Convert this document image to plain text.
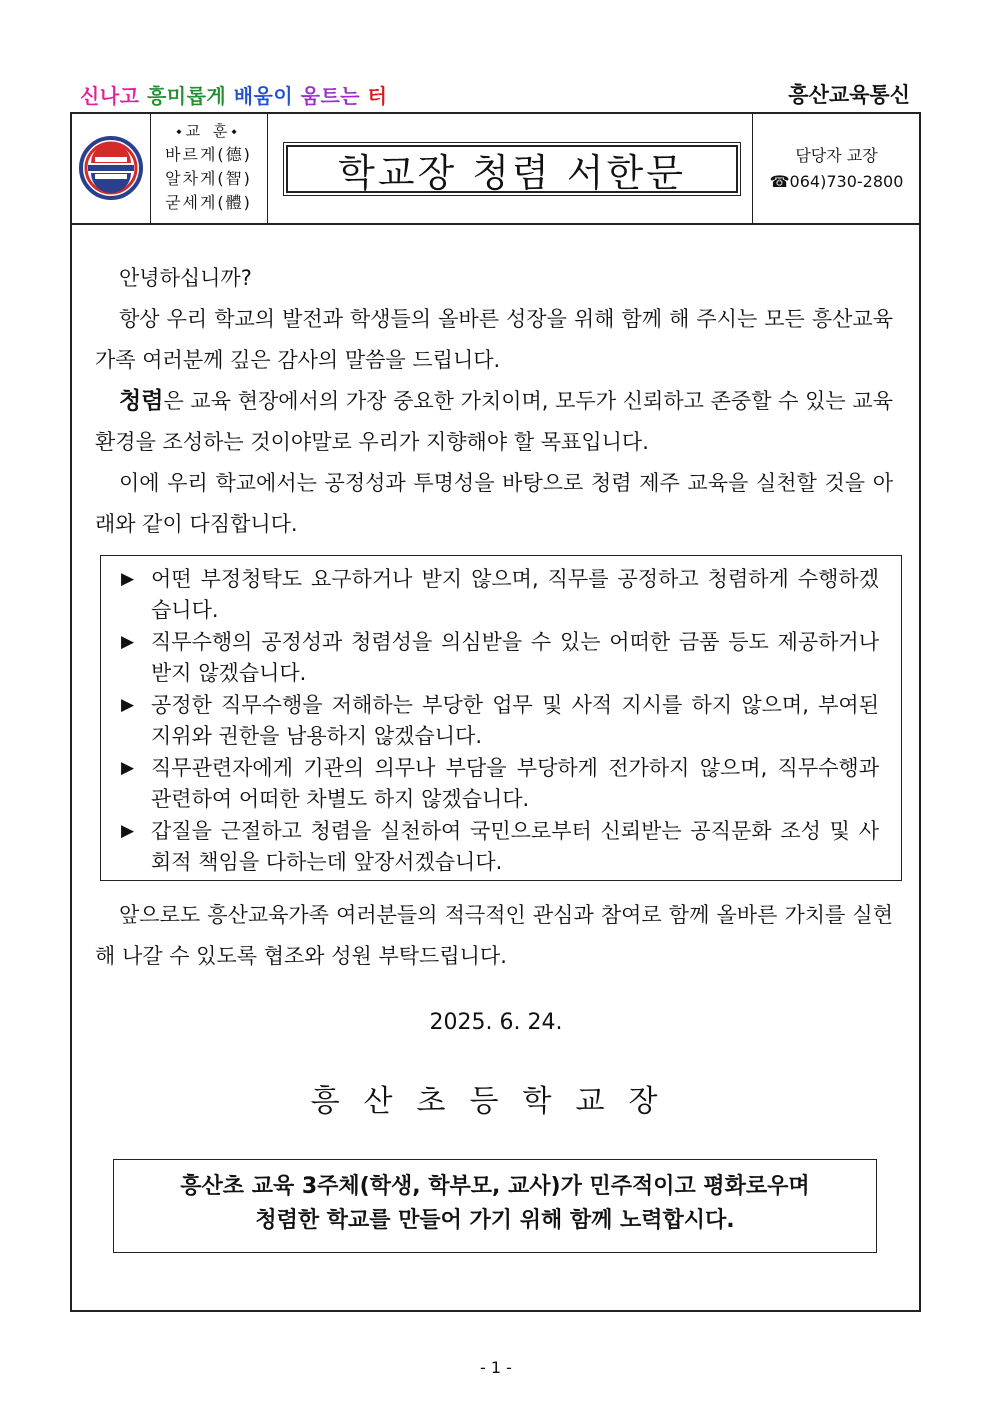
신나고 흥미롭게 배움이 움트는 터	흥산교육통신
⬩교 훈⬩
바르게(德)
알차게(智)
굳세게(體)
학교장 청렴 서한문	담당자 교장
☎064)730-2800

안녕하십니까?

항상 우리 학교의 발전과 학생들의 올바른 성장을 위해 함께 해 주시는 모든 흥산교육가족 여러분께 깊은 감사의 말씀을 드립니다.

청렴은 교육 현장에서의 가장 중요한 가치이며, 모두가 신뢰하고 존중할 수 있는 교육 환경을 조성하는 것이야말로 우리가 지향해야 할 목표입니다.

이에 우리 학교에서는 공정성과 투명성을 바탕으로 청렴 제주 교육을 실천할 것을 아래와 같이 다짐합니다.

▶ 어떤 부정청탁도 요구하거나 받지 않으며, 직무를 공정하고 청렴하게 수행하겠습니다.
▶ 직무수행의 공정성과 청렴성을 의심받을 수 있는 어떠한 금품 등도 제공하거나 받지 않겠습니다.
▶ 공정한 직무수행을 저해하는 부당한 업무 및 사적 지시를 하지 않으며, 부여된 지위와 권한을 남용하지 않겠습니다.
▶ 직무관련자에게 기관의 의무나 부담을 부당하게 전가하지 않으며, 직무수행과 관련하여 어떠한 차별도 하지 않겠습니다.
▶ 갑질을 근절하고 청렴을 실천하여 국민으로부터 신뢰받는 공직문화 조성 및 사회적 책임을 다하는데 앞장서겠습니다.

앞으로도 흥산교육가족 여러분들의 적극적인 관심과 참여로 함께 올바른 가치를 실현해 나갈 수 있도록 협조와 성원 부탁드립니다.

2025. 6. 24.
흥산초등학교장
흥산초 교육 3주체(학생, 학부모, 교사)가 민주적이고 평화로우며
청렴한 학교를 만들어 가기 위해 함께 노력합시다.
- 1 -
